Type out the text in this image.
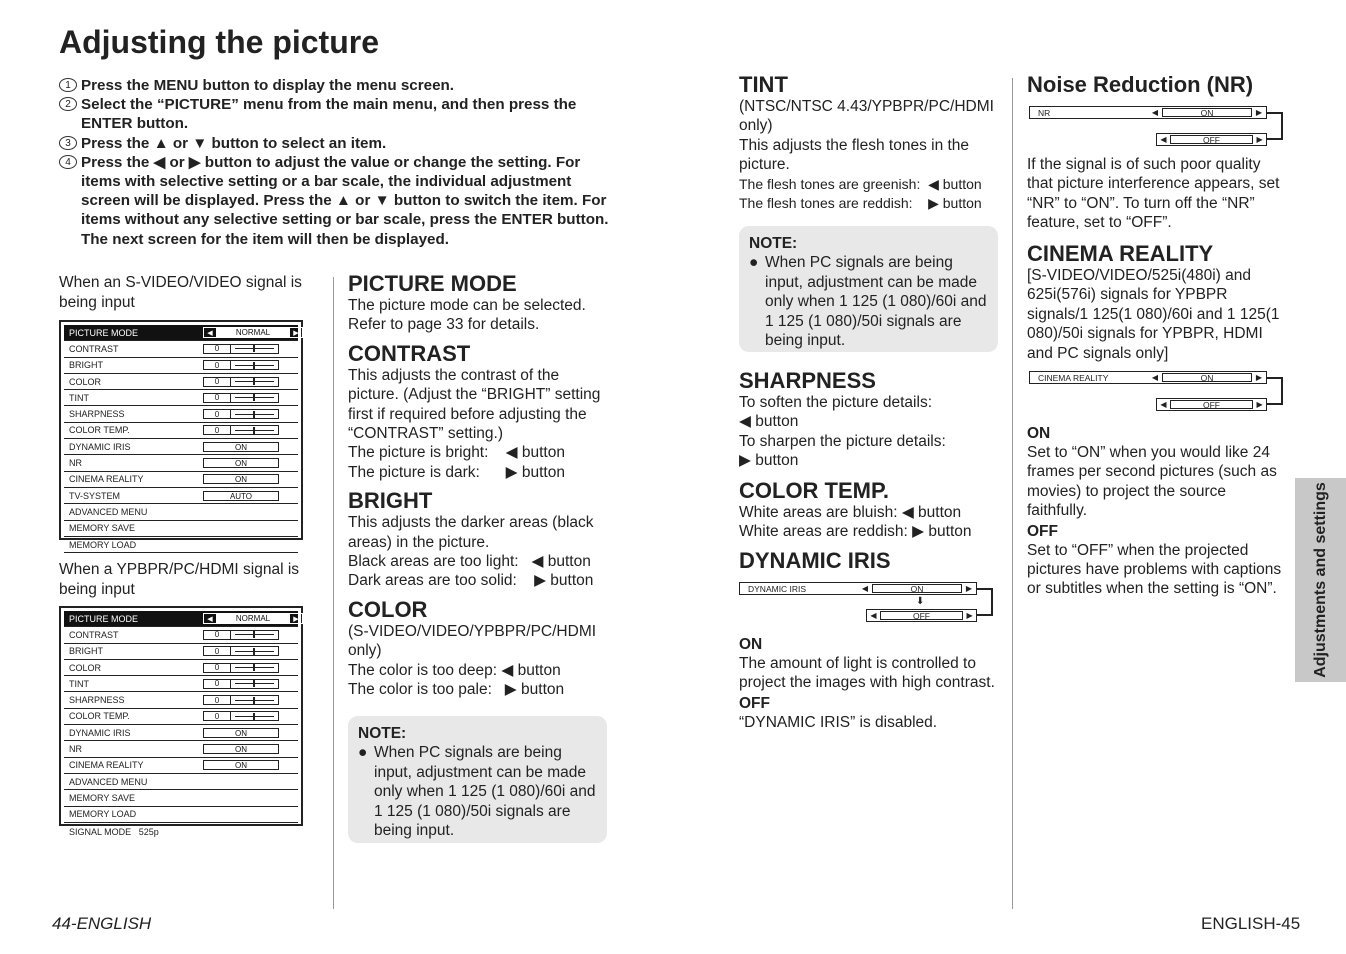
Adjusting the picture
1 Press the MENU button to display the menu screen.
2 Select the “PICTURE” menu from the main menu, and then press the ENTER button.
3 Press the ▲ or ▼ button to select an item.
4 Press the ◀ or ▶ button to adjust the value or change the setting. For items with selective setting or a bar scale, the individual adjustment screen will be displayed. Press the ▲ or ▼ button to switch the item. For items without any selective setting or bar scale, press the ENTER button. The next screen for the item will then be displayed.
When an S-VIDEO/VIDEO signal is being input
PICTURE MODE	◀	NORMAL	▶
CONTRAST	0
BRIGHT	0
COLOR	0
TINT	0
SHARPNESS	0
COLOR TEMP.	0
DYNAMIC IRIS	ON
NR	ON
CINEMA REALITY	ON
TV-SYSTEM	AUTO
ADVANCED MENU
MEMORY SAVE
MEMORY LOAD
When a YPBPR/PC/HDMI signal is being input
PICTURE MODE	◀	NORMAL	▶
CONTRAST	0
BRIGHT	0
COLOR	0
TINT	0
SHARPNESS	0
COLOR TEMP.	0
DYNAMIC IRIS	ON
NR	ON
CINEMA REALITY	ON
ADVANCED MENU
MEMORY SAVE
MEMORY LOAD
SIGNAL MODE 525p
PICTURE MODE
The picture mode can be selected.
Refer to page 33 for details.
CONTRAST
This adjusts the contrast of the picture. (Adjust the “BRIGHT” setting first if required before adjusting the “CONTRAST” setting.)
The picture is bright:    ◀ button
The picture is dark:      ▶ button
BRIGHT
This adjusts the darker areas (black areas) in the picture.
Black areas are too light:   ◀ button
Dark areas are too solid:    ▶ button
COLOR
(S-VIDEO/VIDEO/YPBPR/PC/HDMI only)
The color is too deep: ◀ button
The color is too pale:   ▶ button
NOTE:
● When PC signals are being input, adjustment can be made only when 1 125 (1 080)/60i and 1 125 (1 080)/50i signals are being input.
TINT
(NTSC/NTSC 4.43/YPBPR/PC/HDMI only)
This adjusts the flesh tones in the picture.
The flesh tones are greenish:  ◀ button
The flesh tones are reddish:    ▶ button
NOTE:
● When PC signals are being input, adjustment can be made only when 1 125 (1 080)/60i and 1 125 (1 080)/50i signals are being input.
SHARPNESS
To soften the picture details:
◀ button
To sharpen the picture details:
▶ button
COLOR TEMP.
White areas are bluish: ◀ button
White areas are reddish: ▶ button
DYNAMIC IRIS
DYNAMIC IRIS	◀	ON	▶
⬇
◀	OFF	▶
ON
The amount of light is controlled to project the images with high contrast.
OFF
“DYNAMIC IRIS” is disabled.
Noise Reduction (NR)
NR	◀	ON	▶
◀	OFF	▶
If the signal is of such poor quality that picture interference appears, set “NR” to “ON”. To turn off the “NR” feature, set to “OFF”.
CINEMA REALITY
[S-VIDEO/VIDEO/525i(480i) and 625i(576i) signals for YPBPR signals/1 125(1 080)/60i and 1 125(1 080)/50i signals for YPBPR, HDMI and PC signals only]
CINEMA REALITY	◀	ON	▶
◀	OFF	▶
ON
Set to “ON” when you would like 24 frames per second pictures (such as movies) to project the source faithfully.
OFF
Set to “OFF” when the projected pictures have problems with captions or subtitles when the setting is “ON”.	Adjustments and settings
44-ENGLISH	ENGLISH-45
